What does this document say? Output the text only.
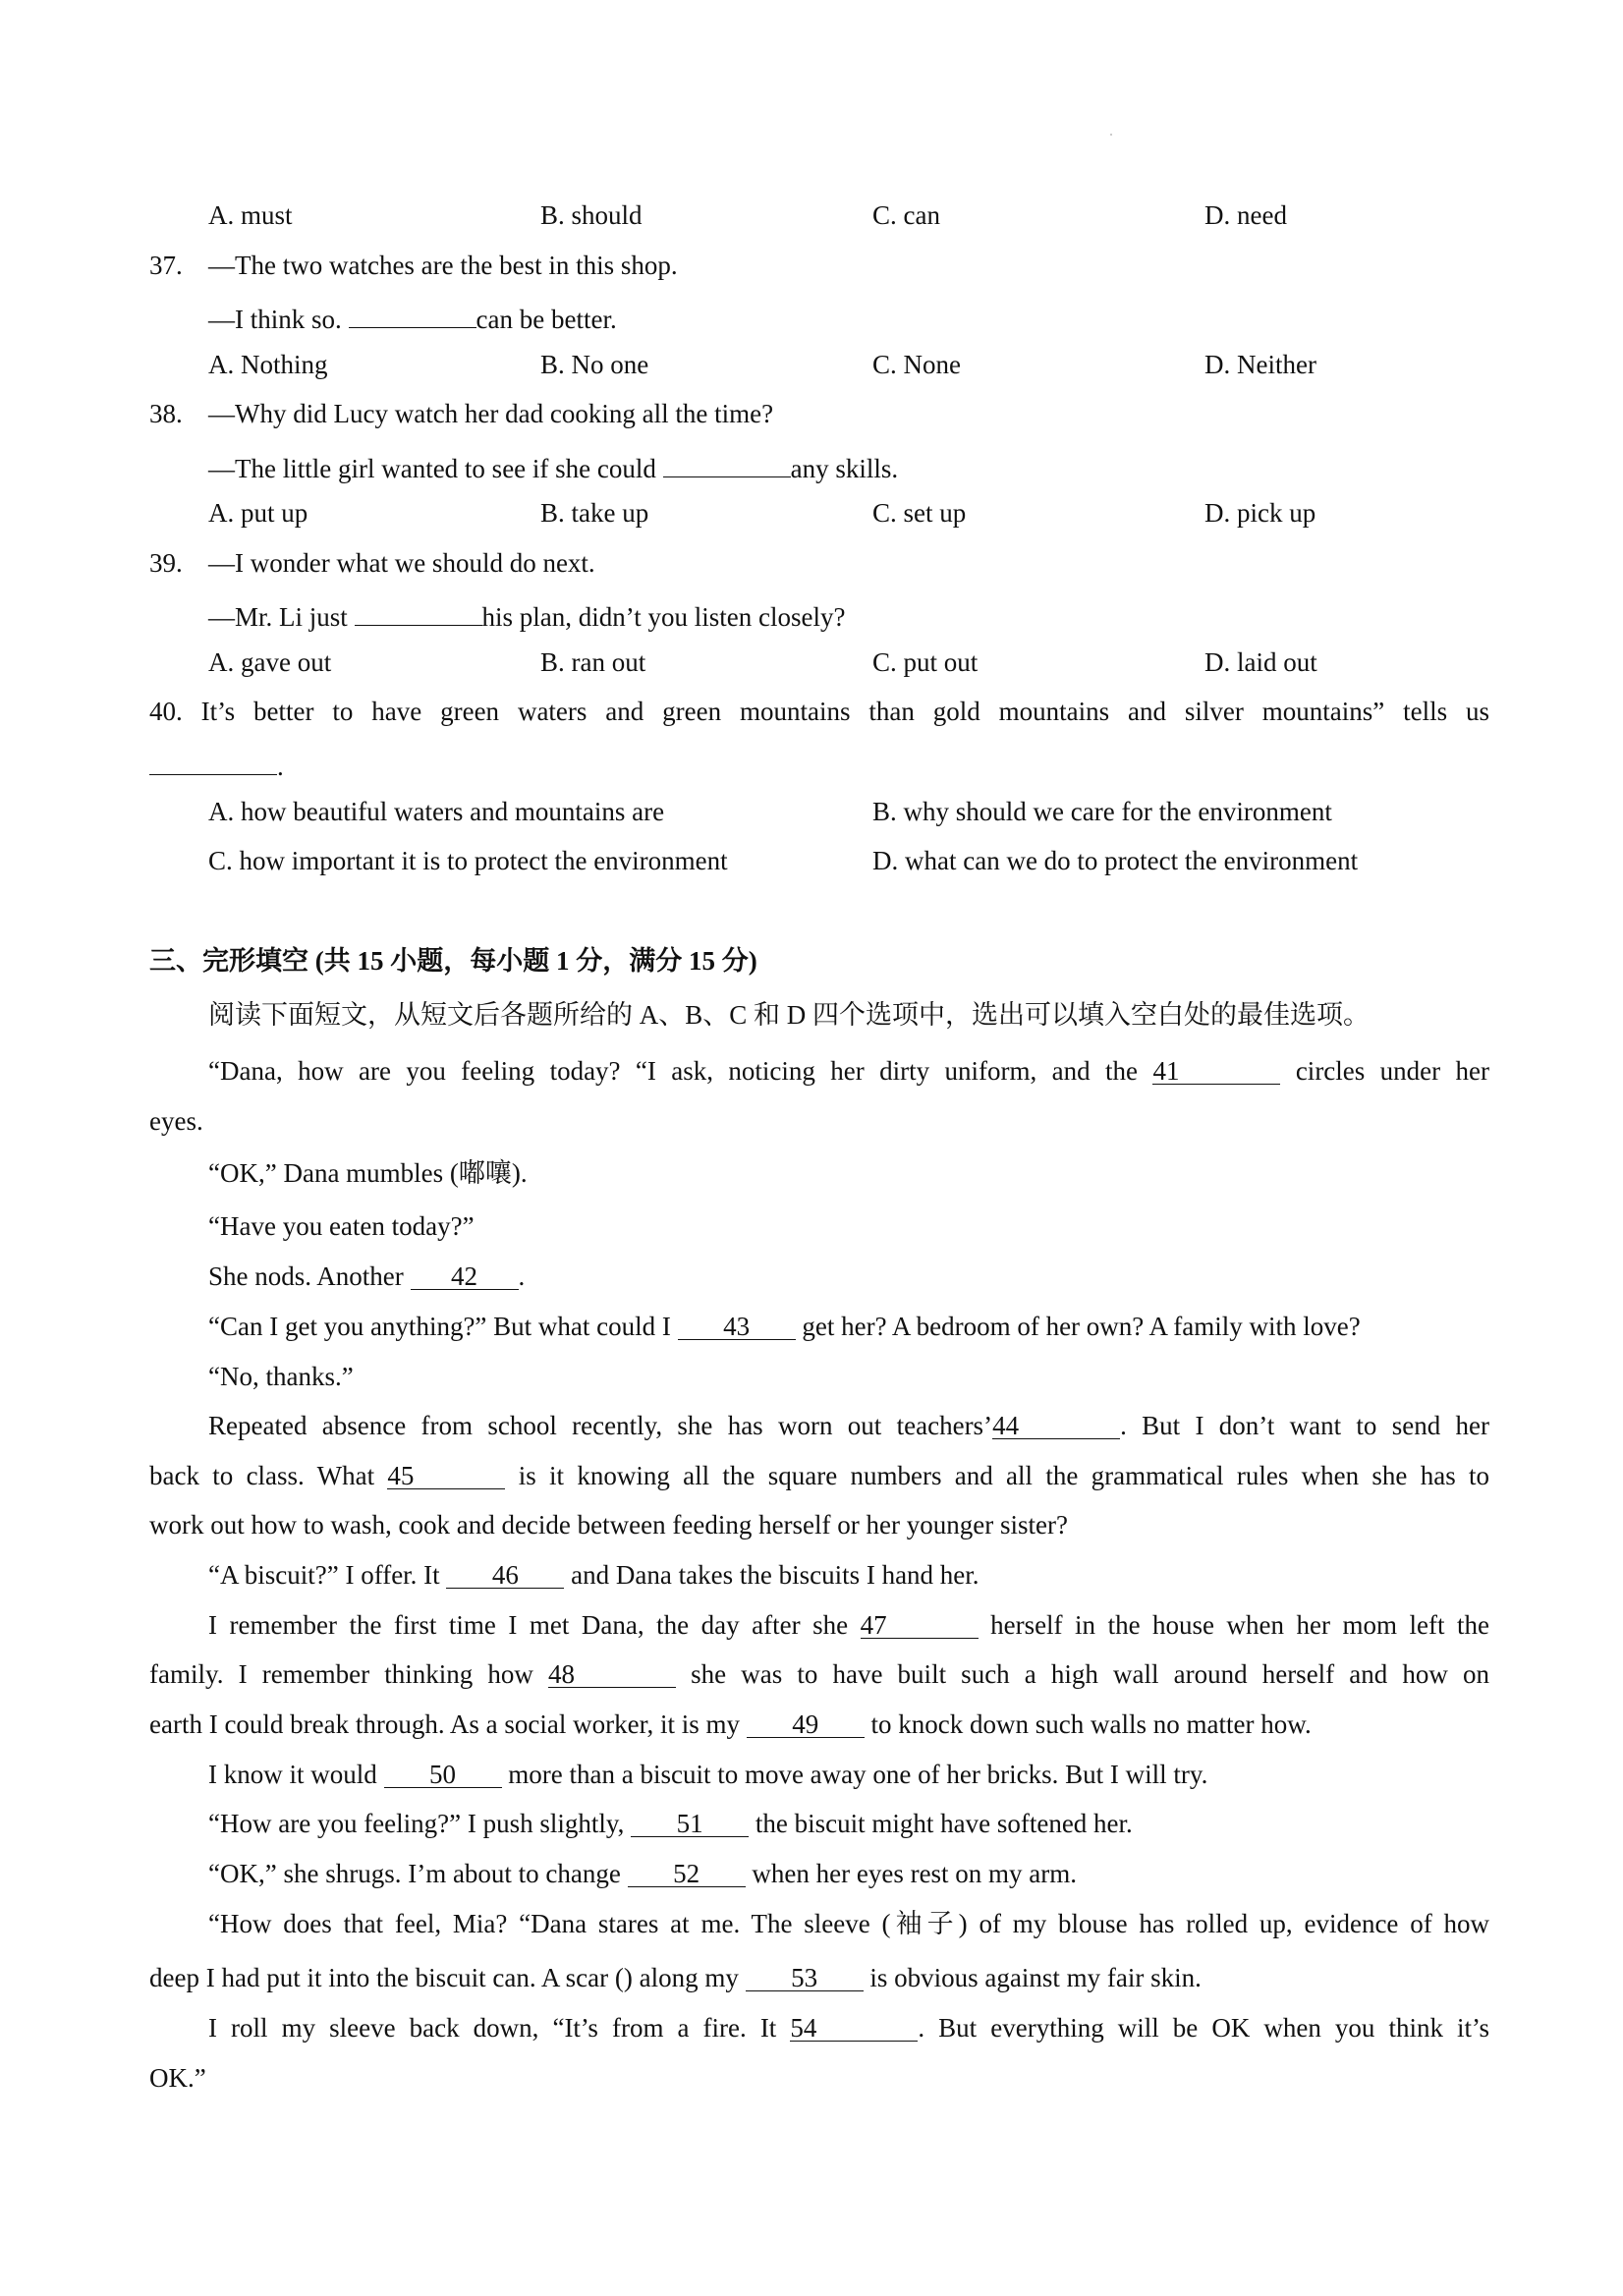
A. must	B. should	C. can	D. need
37. —The two watches are the best in this shop.
—I think so.	can be better.
A. Nothing	B. No one	C. None	D. Neither
38. —Why did Lucy watch her dad cooking all the time?
—The little girl wanted to see if she could	any skills.
A. put up	B. take up	C. set up	D. pick up
39. —I wonder what we should do next.
—Mr. Li just	his plan, didn’t you listen closely?
A. gave out	B. ran out	C. put out	D. laid out
40. It’s better to have green waters and green mountains than gold mountains and silver mountains” tells us
.
A. how beautiful waters and mountains are	B. why should we care for the environment
C. how important it is to protect the environment	D. what can we do to protect the environment
三、完形填空 (共 15 小题，每小题 1 分，满分 15 分)
阅读下面短文，从短文后各题所给的 A、B、C 和 D 四个选项中，选出可以填入空白处的最佳选项。
“Dana, how are you feeling today? “I ask, noticing her dirty uniform, and the 41	circles under her
eyes.
“OK,” Dana mumbles (嘟嚷).
“Have you eaten today?”
She nods. Another 42 .
“Can I get you anything?” But what could I 43 get her? A bedroom of her own? A family with love?
“No, thanks.”
Repeated absence from school recently, she has worn out teachers’44	. But I don’t want to send her
back to class. What 45	is it knowing all the square numbers and all the grammatical rules when she has to
work out how to wash, cook and decide between feeding herself or her younger sister?
“A biscuit?” I offer. It 46 and Dana takes the biscuits I hand her.
I remember the first time I met Dana, the day after she 47	herself in the house when her mom left the
family. I remember thinking how 48	she was to have built such a high wall around herself and how on
earth I could break through. As a social worker, it is my 49 to knock down such walls no matter how.
I know it would 50 more than a biscuit to move away one of her bricks. But I will try.
“How are you feeling?” I push slightly, 51 the biscuit might have softened her.
“OK,” she shrugs. I’m about to change 52 when her eyes rest on my arm.
“How does that feel, Mia? “Dana stares at me. The sleeve (袖子) of my blouse has rolled up, evidence of how
deep I had put it into the biscuit can. A scar () along my 53 is obvious against my fair skin.
I roll my sleeve back down, “It’s from a fire. It 54	. But everything will be OK when you think it’s
OK.”
